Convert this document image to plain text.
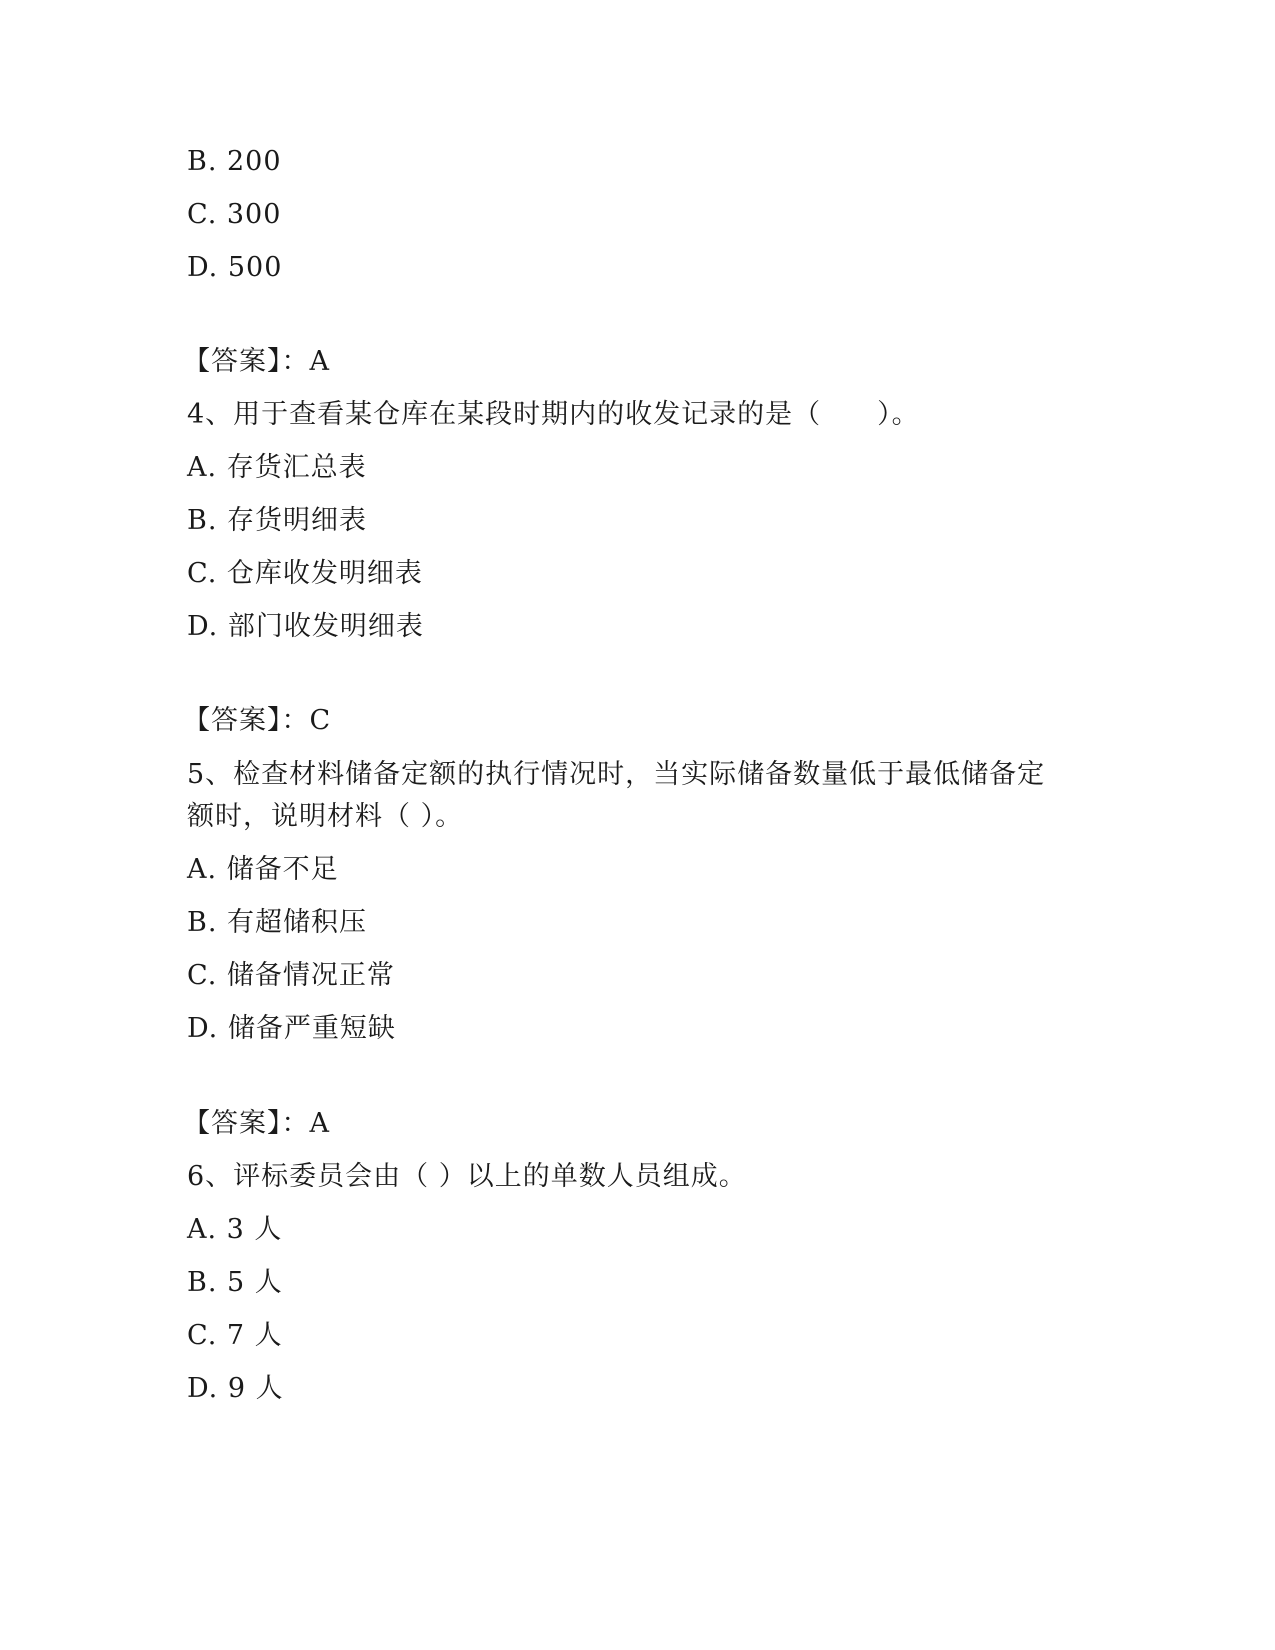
B. 200
C. 300
D. 500
【答案】：A
4、用于查看某仓库在某段时期内的收发记录的是（　　）。
A. 存货汇总表
B. 存货明细表
C. 仓库收发明细表
D. 部门收发明细表
【答案】：C
5、检查材料储备定额的执行情况时，当实际储备数量低于最低储备定
额时，说明材料（ ）。
A. 储备不足
B. 有超储积压
C. 储备情况正常
D. 储备严重短缺
【答案】：A
6、评标委员会由（ ）以上的单数人员组成。
A. 3 人
B. 5 人
C. 7 人
D. 9 人
